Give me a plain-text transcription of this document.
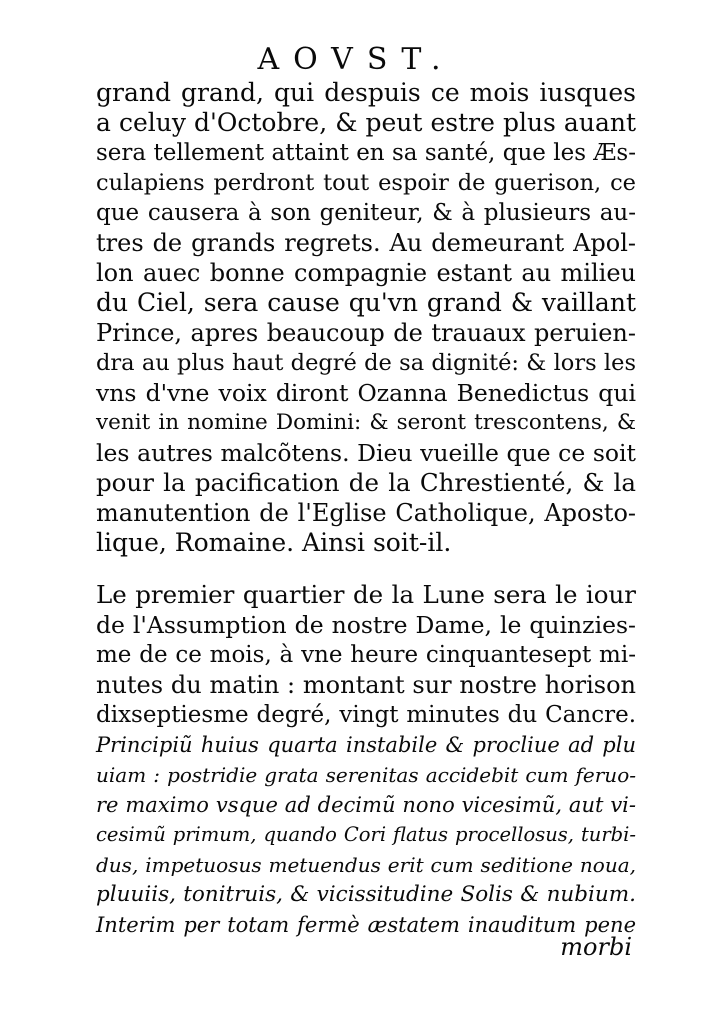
AOVST.
grand grand, qui despuis ce mois iusques
a celuy d'Octobre, & peut estre plus auant
sera tellement attaint en sa santé, que les Æs-
culapiens perdront tout espoir de guerison, ce
que causera à son geniteur, & à plusieurs au-
tres de grands regrets. Au demeurant Apol-
lon auec bonne compagnie estant au milieu
du Ciel, sera cause qu'vn grand & vaillant
Prince, apres beaucoup de trauaux peruien-
dra au plus haut degré de sa dignité: & lors les
vns d'vne voix diront Ozanna Benedictus qui
venit in nomine Domini: & seront trescontens, &
les autres malcõtens. Dieu vueille que ce soit
pour la pacification de la Chrestienté, & la
manutention de l'Eglise Catholique, Aposto-
lique, Romaine. Ainsi soit-il.
Le premier quartier de la Lune sera le iour
de l'Assumption de nostre Dame, le quinzies-
me de ce mois, à vne heure cinquantesept mi-
nutes du matin : montant sur nostre horison
dixseptiesme degré, vingt minutes du Cancre.
Principiũ huius quarta instabile & procliue ad plu
uiam : postridie grata serenitas accidebit cum feruo-
re maximo vsque ad decimũ nono vicesimũ, aut vi-
cesimũ primum, quando Cori flatus procellosus, turbi-
dus, impetuosus metuendus erit cum seditione noua,
pluuiis, tonitruis, & vicissitudine Solis & nubium.
Interim per totam fermè æstatem inauditum pene
morbi
